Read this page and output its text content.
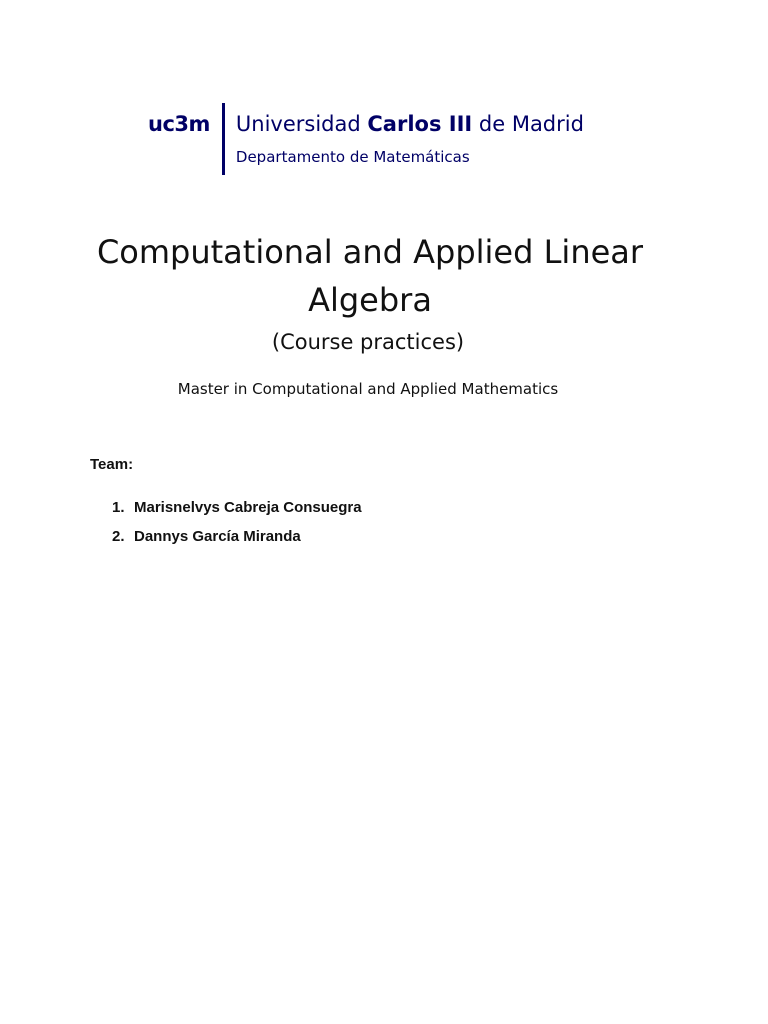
uc3m Universidad Carlos III de Madrid
Departamento de Matemáticas
Computational and Applied Linear
Algebra
(Course practices)
Master in Computational and Applied Mathematics
Team:
1. Marisnelvys Cabreja Consuegra
2. Dannys García Miranda
